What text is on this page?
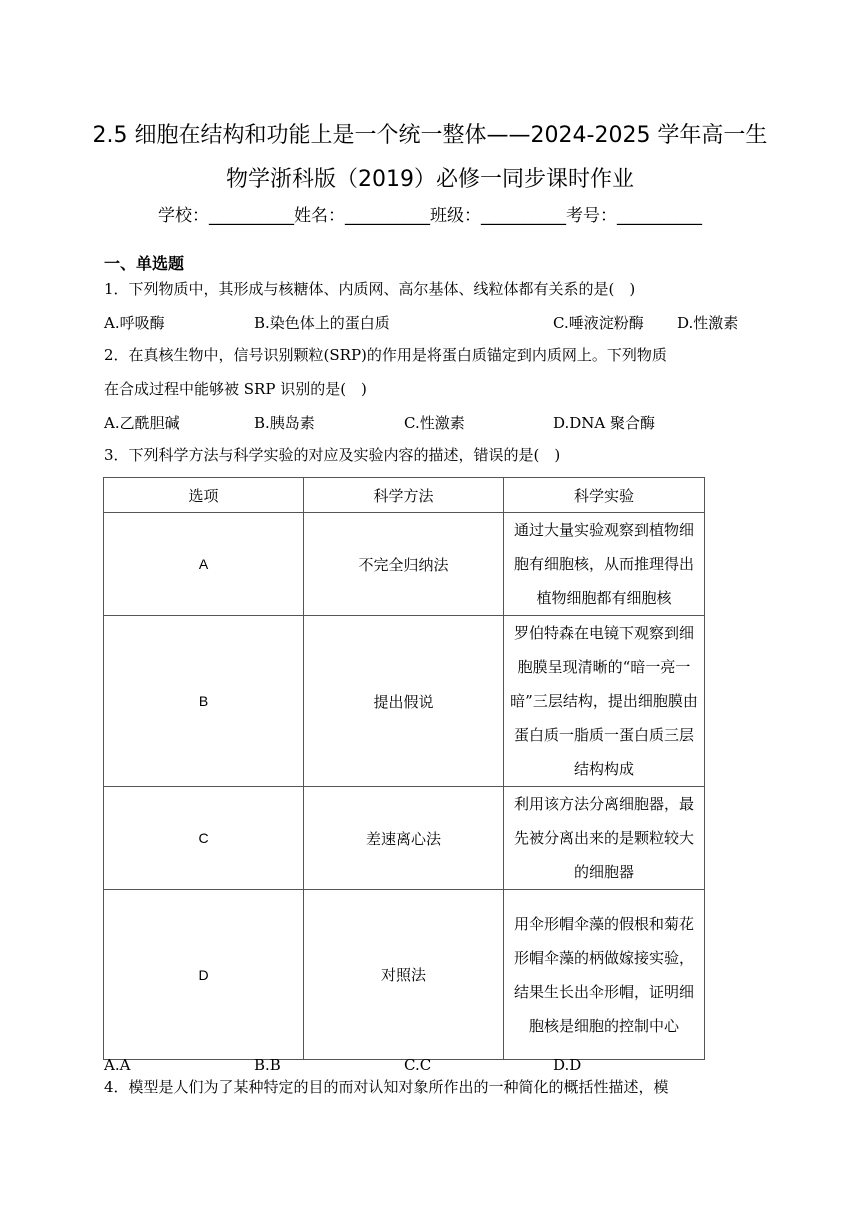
2.5 细胞在结构和功能上是一个统一整体——2024-2025 学年高一生
物学浙科版（2019）必修一同步课时作业
学校：__________姓名：__________班级：__________考号：__________
一、单选题
1．下列物质中，其形成与核糖体、内质网、高尔基体、线粒体都有关系的是(　)
A.呼吸酶	B.染色体上的蛋白质	C.唾液淀粉酶 D.性激素
2．在真核生物中，信号识别颗粒(SRP)的作用是将蛋白质锚定到内质网上。下列物质
在合成过程中能够被 SRP 识别的是(　)
A.乙酰胆碱	B.胰岛素	C.性激素	D.DNA 聚合酶
3．下列科学方法与科学实验的对应及实验内容的描述，错误的是(　)
选项	科学方法	科学实验
A	不完全归纳法	通过大量实验观察到植物细胞有细胞核，从而推理得出植物细胞都有细胞核
B	提出假说	罗伯特森在电镜下观察到细胞膜呈现清晰的“暗一亮一暗”三层结构，提出细胞膜由蛋白质一脂质一蛋白质三层结构构成
C	差速离心法	利用该方法分离细胞器，最先被分离出来的是颗粒较大的细胞器
D	对照法	用伞形帽伞藻的假根和菊花形帽伞藻的柄做嫁接实验，结果生长出伞形帽，证明细胞核是细胞的控制中心
A.A	B.B	C.C	D.D
4．模型是人们为了某种特定的目的而对认知对象所作出的一种简化的概括性描述，模
